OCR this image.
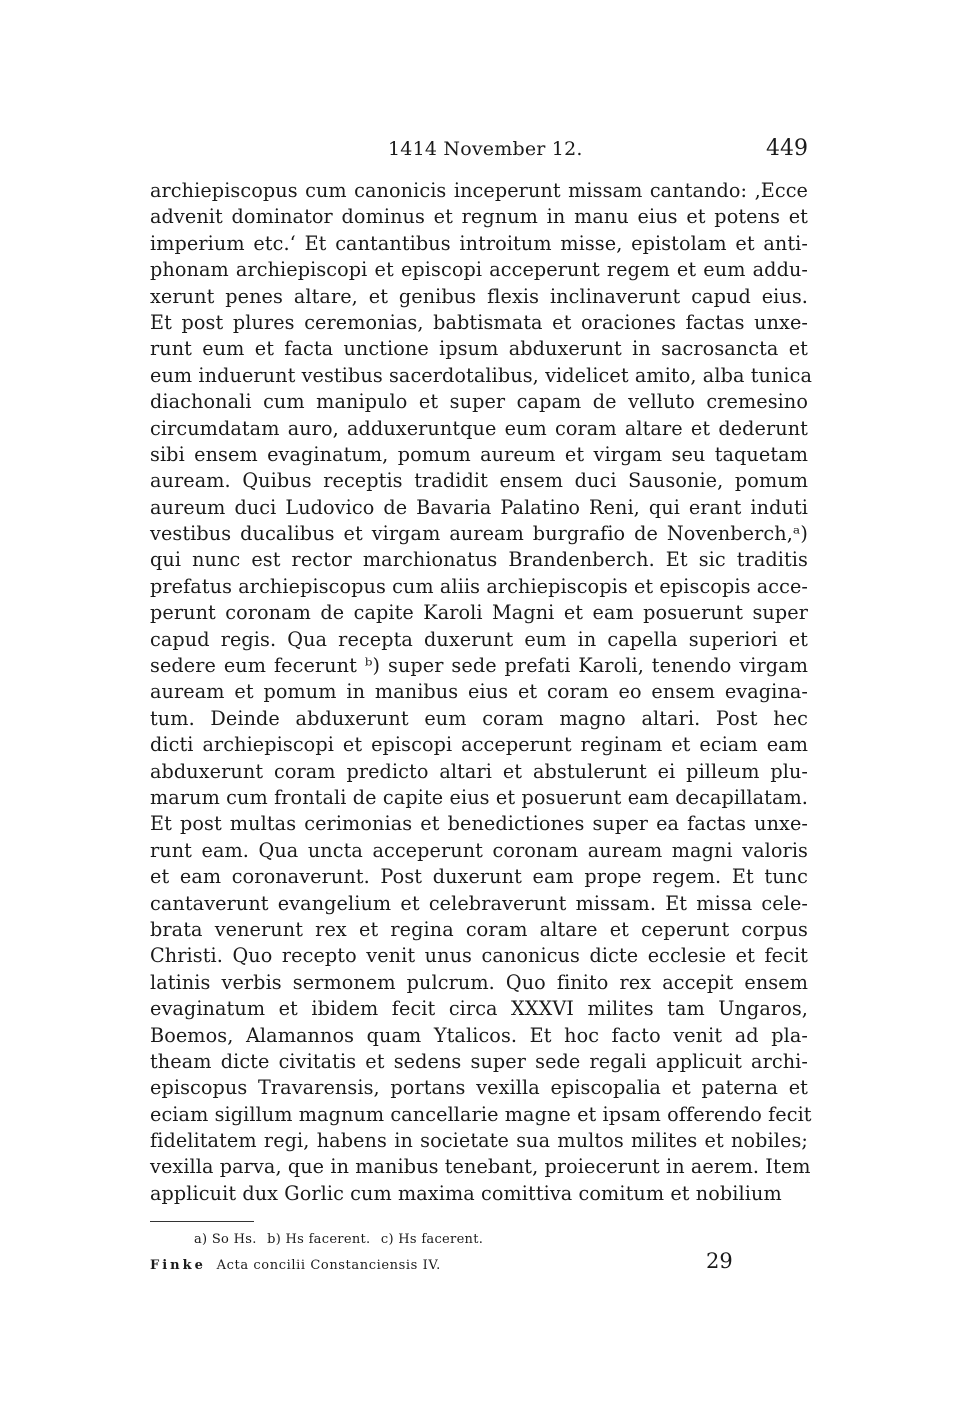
1414 November 12.	449
archiepiscopus cum canonicis inceperunt missam cantando: ‚Ecce
advenit dominator dominus et regnum in manu eius et potens et
imperium etc.‘ Et cantantibus introitum misse, epistolam et anti-
phonam archiepiscopi et episcopi acceperunt regem et eum addu-
xerunt penes altare, et genibus flexis inclinaverunt capud eius.
Et post plures ceremonias, babtismata et oraciones factas unxe-
runt eum et facta unctione ipsum abduxerunt in sacrosancta et
eum induerunt vestibus sacerdotalibus, videlicet amito, alba tunica
diachonali cum manipulo et super capam de velluto cremesino
circumdatam auro, adduxeruntque eum coram altare et dederunt
sibi ensem evaginatum, pomum aureum et virgam seu taquetam
auream. Quibus receptis tradidit ensem duci Sausonie, pomum
aureum duci Ludovico de Bavaria Palatino Reni, qui erant induti
vestibus ducalibus et virgam auream burgrafio de Novenberch,ᵃ)
qui nunc est rector marchionatus Brandenberch. Et sic traditis
prefatus archiepiscopus cum aliis archiepiscopis et episcopis acce-
perunt coronam de capite Karoli Magni et eam posuerunt super
capud regis. Qua recepta duxerunt eum in capella superiori et
sedere eum fecerunt ᵇ) super sede prefati Karoli, tenendo virgam
auream et pomum in manibus eius et coram eo ensem evagina-
tum. Deinde abduxerunt eum coram magno altari. Post hec
dicti archiepiscopi et episcopi acceperunt reginam et eciam eam
abduxerunt coram predicto altari et abstulerunt ei pilleum plu-
marum cum frontali de capite eius et posuerunt eam decapillatam.
Et post multas cerimonias et benedictiones super ea factas unxe-
runt eam. Qua uncta acceperunt coronam auream magni valoris
et eam coronaverunt. Post duxerunt eam prope regem. Et tunc
cantaverunt evangelium et celebraverunt missam. Et missa cele-
brata venerunt rex et regina coram altare et ceperunt corpus
Christi. Quo recepto venit unus canonicus dicte ecclesie et fecit
latinis verbis sermonem pulcrum. Quo finito rex accepit ensem
evaginatum et ibidem fecit circa XXXVI milites tam Ungaros,
Boemos, Alamannos quam Ytalicos. Et hoc facto venit ad pla-
theam dicte civitatis et sedens super sede regali applicuit archi-
episcopus Travarensis, portans vexilla episcopalia et paterna et
eciam sigillum magnum cancellarie magne et ipsam offerendo fecit
fidelitatem regi, habens in societate sua multos milites et nobiles;
vexilla parva, que in manibus tenebant, proiecerunt in aerem. Item
applicuit dux Gorlic cum maxima comittiva comitum et nobilium
a) So Hs. b) Hs facerent. c) Hs facerent.
Finke Acta concilii Constanciensis IV.	29
